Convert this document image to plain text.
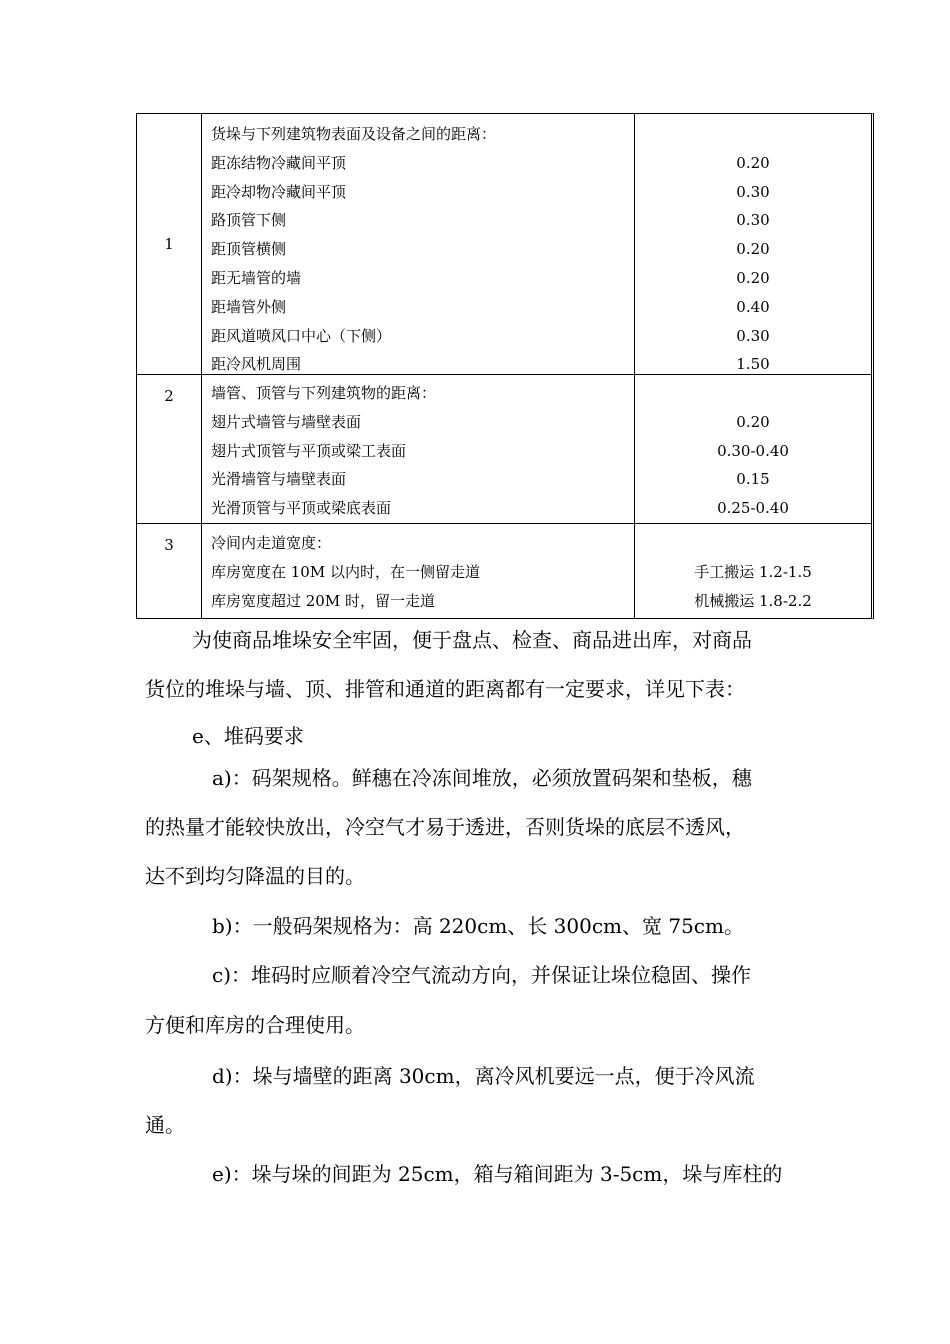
1
货垛与下列建筑物表面及设备之间的距离：
距冻结物冷藏间平顶
距冷却物冷藏间平顶
路顶管下侧
距顶管横侧
距无墙管的墙
距墙管外侧
距风道喷风口中心（下侧）
距冷风机周围
0.20
0.30
0.30
0.20
0.20
0.40
0.30
1.50
2	墙管、顶管与下列建筑物的距离：
翅片式墙管与墙壁表面
翅片式顶管与平顶或梁工表面
光滑墙管与墙壁表面
光滑顶管与平顶或梁底表面
0.20
0.30-0.40
0.15
0.25-0.40
3	冷间内走道宽度：
库房宽度在 10M 以内时，在一侧留走道
库房宽度超过 20M 时，留一走道
手工搬运 1.2-1.5
机械搬运 1.8-2.2
为使商品堆垛安全牢固，便于盘点、检查、商品进出库，对商品
货位的堆垛与墙、顶、排管和通道的距离都有一定要求，详见下表：
e、堆码要求
a)：码架规格。鲜穗在冷冻间堆放，必须放置码架和垫板，穗
的热量才能较快放出，冷空气才易于透进，否则货垛的底层不透风，
达不到均匀降温的目的。
b)：一般码架规格为：高 220cm、长 300cm、宽 75cm。
c)：堆码时应顺着冷空气流动方向，并保证让垛位稳固、操作
方便和库房的合理使用。
d)：垛与墙壁的距离 30cm，离冷风机要远一点，便于冷风流
通。
e)：垛与垛的间距为 25cm，箱与箱间距为 3-5cm，垛与库柱的
